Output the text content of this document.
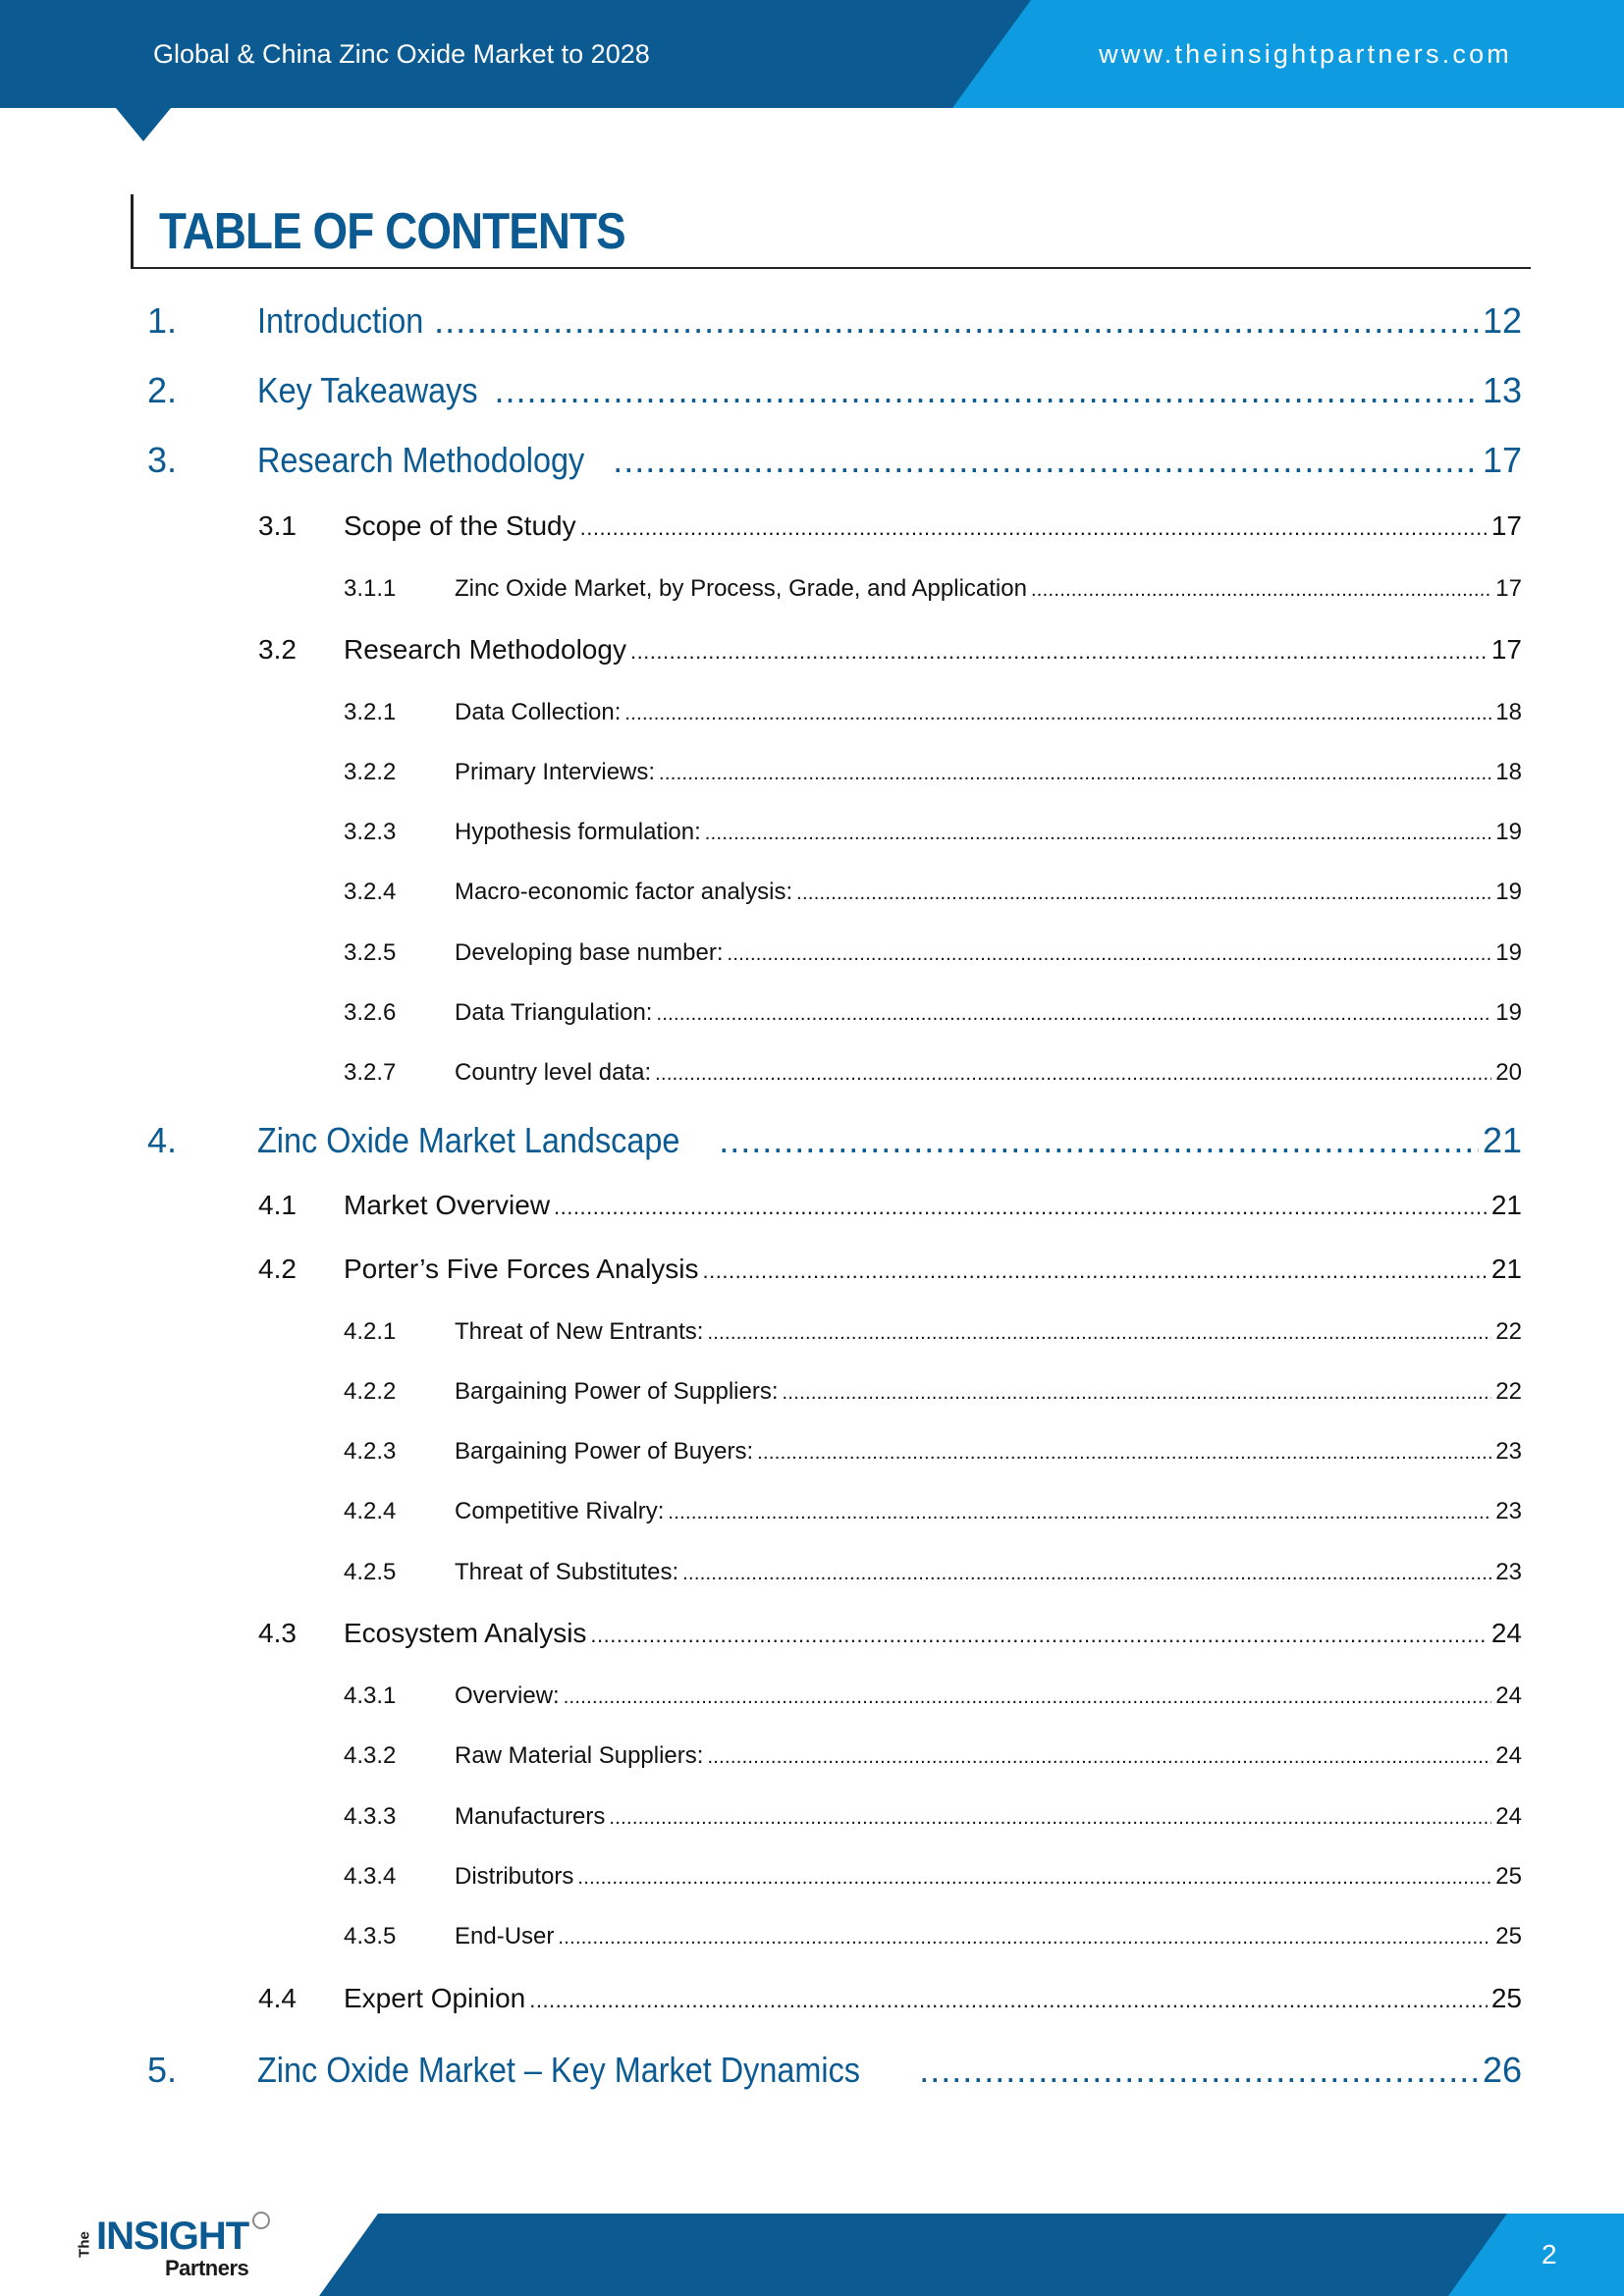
Global & China Zinc Oxide Market to 2028	www.theinsightpartners.com
TABLE OF CONTENTS
1.	Introduction .....	12
2.	Key Takeaways .....	13
3.	Research Methodology .....	17
3.1	Scope of the Study .....	17
3.1.1	Zinc Oxide Market, by Process, Grade, and Application .....	17
3.2	Research Methodology .....	17
3.2.1	Data Collection: .....	18
3.2.2	Primary Interviews: .....	18
3.2.3	Hypothesis formulation: .....	19
3.2.4	Macro-economic factor analysis: .....	19
3.2.5	Developing base number: .....	19
3.2.6	Data Triangulation: .....	19
3.2.7	Country level data: .....	20
4.	Zinc Oxide Market Landscape .....	21
4.1	Market Overview .....	21
4.2	Porter’s Five Forces Analysis .....	21
4.2.1	Threat of New Entrants: .....	22
4.2.2	Bargaining Power of Suppliers: .....	22
4.2.3	Bargaining Power of Buyers: .....	23
4.2.4	Competitive Rivalry: .....	23
4.2.5	Threat of Substitutes: .....	23
4.3	Ecosystem Analysis .....	24
4.3.1	Overview: .....	24
4.3.2	Raw Material Suppliers: .....	24
4.3.3	Manufacturers .....	24
4.3.4	Distributors .....	25
4.3.5	End-User .....	25
4.4	Expert Opinion .....	25
5.	Zinc Oxide Market – Key Market Dynamics .....	26
2
The INSIGHT
Partners
